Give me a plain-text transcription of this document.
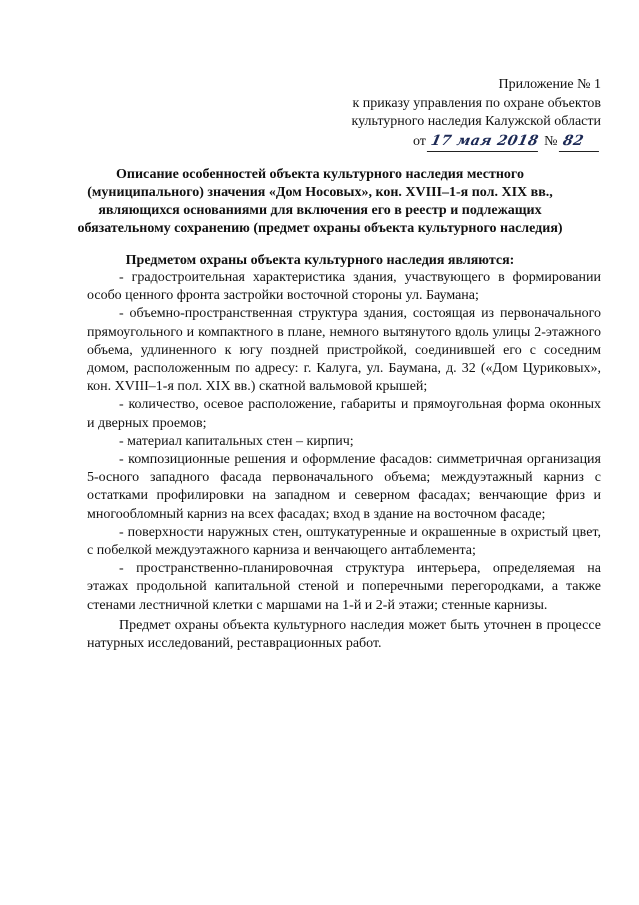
Приложение № 1
к приказу управления по охране объектов
культурного наследия Калужской области
от 17 мая 2018 № 82
Описание особенностей объекта культурного наследия местного
(муниципального) значения «Дом Носовых», кон. XVIII–1-я пол. XIX вв.,
являющихся основаниями для включения его в реестр и подлежащих
обязательному сохранению (предмет охраны объекта культурного наследия)
Предметом охраны объекта культурного наследия являются:

- градостроительная характеристика здания, участвующего в формировании особо ценного фронта застройки восточной стороны ул. Баумана;

- объемно-пространственная структура здания, состоящая из первоначального прямоугольного и компактного в плане, немного вытянутого вдоль улицы 2-этажного объема, удлиненного к югу поздней пристройкой, соединившей его с соседним домом, расположенным по адресу: г. Калуга, ул. Баумана, д. 32 («Дом Цуриковых», кон. XVIII–1-я пол. XIX вв.) скатной вальмовой крышей;

- количество, осевое расположение, габариты и прямоугольная форма оконных и дверных проемов;

- материал капитальных стен – кирпич;

- композиционные решения и оформление фасадов: симметричная организация 5-осного западного фасада первоначального объема; междуэтажный карниз с остатками профилировки на западном и северном фасадах; венчающие фриз и многообломный карниз на всех фасадах; вход в здание на восточном фасаде;

- поверхности наружных стен, оштукатуренные и окрашенные в охристый цвет, с побелкой междуэтажного карниза и венчающего антаблемента;

- пространственно-планировочная структура интерьера, определяемая на этажах продольной капитальной стеной и поперечными перегородками, а также стенами лестничной клетки с маршами на 1-й и 2-й этажи; стенные карнизы.

Предмет охраны объекта культурного наследия может быть уточнен в процессе натурных исследований, реставрационных работ.
